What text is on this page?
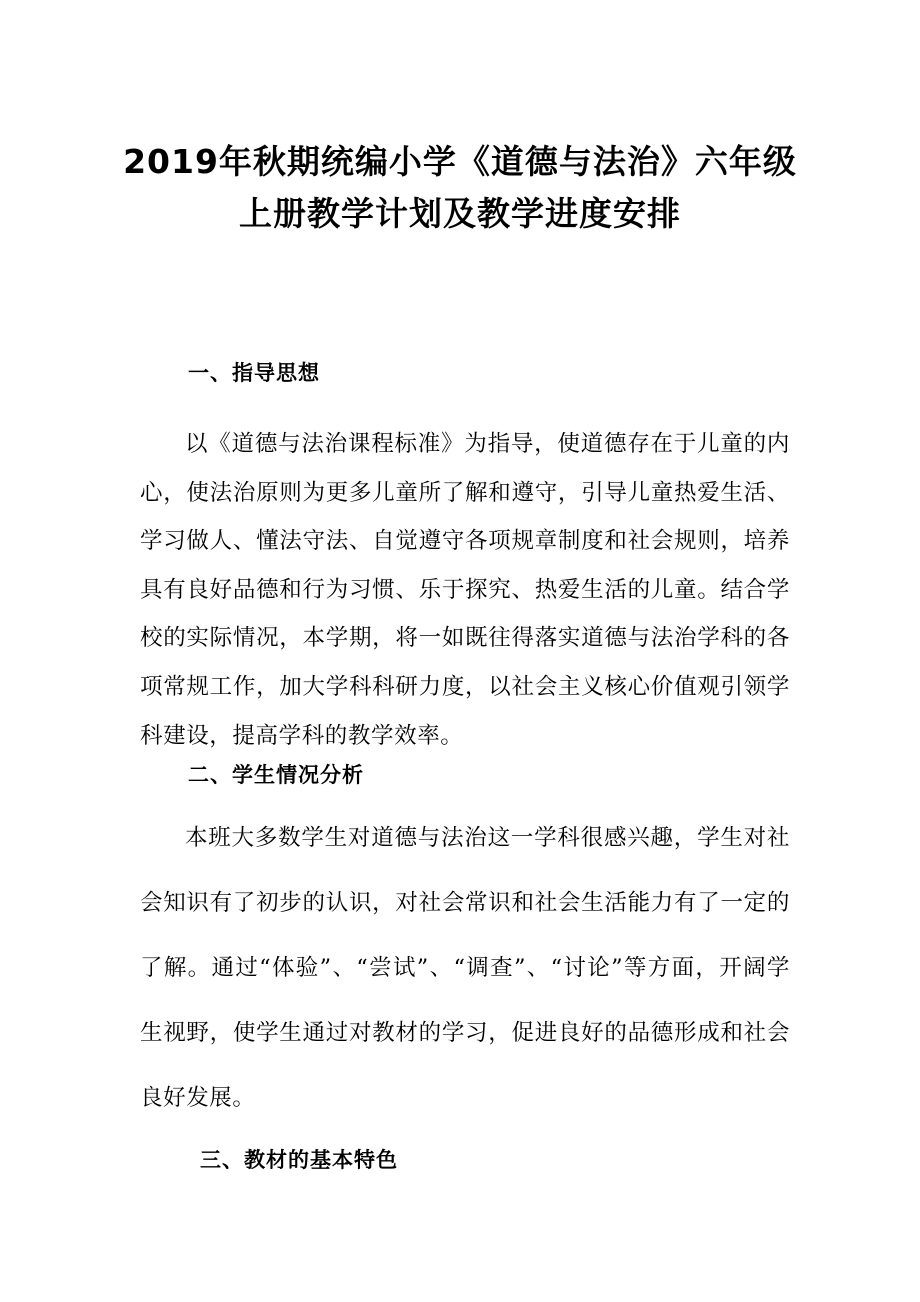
2019年秋期统编小学《道德与法治》六年级
上册教学计划及教学进度安排
一、指导思想

以《道德与法治课程标准》为指导，使道德存在于儿童的内心，使法治原则为更多儿童所了解和遵守，引导儿童热爱生活、学习做人、懂法守法、自觉遵守各项规章制度和社会规则，培养具有良好品德和行为习惯、乐于探究、热爱生活的儿童。结合学校的实际情况，本学期，将一如既往得落实道德与法治学科的各项常规工作，加大学科科研力度，以社会主义核心价值观引领学科建设，提高学科的教学效率。

二、学生情况分析

本班大多数学生对道德与法治这一学科很感兴趣，学生对社会知识有了初步的认识，对社会常识和社会生活能力有了一定的了解。通过“体验”、“尝试”、“调查”、“讨论”等方面，开阔学生视野，使学生通过对教材的学习，促进良好的品德形成和社会良好发展。

三、教材的基本特色
